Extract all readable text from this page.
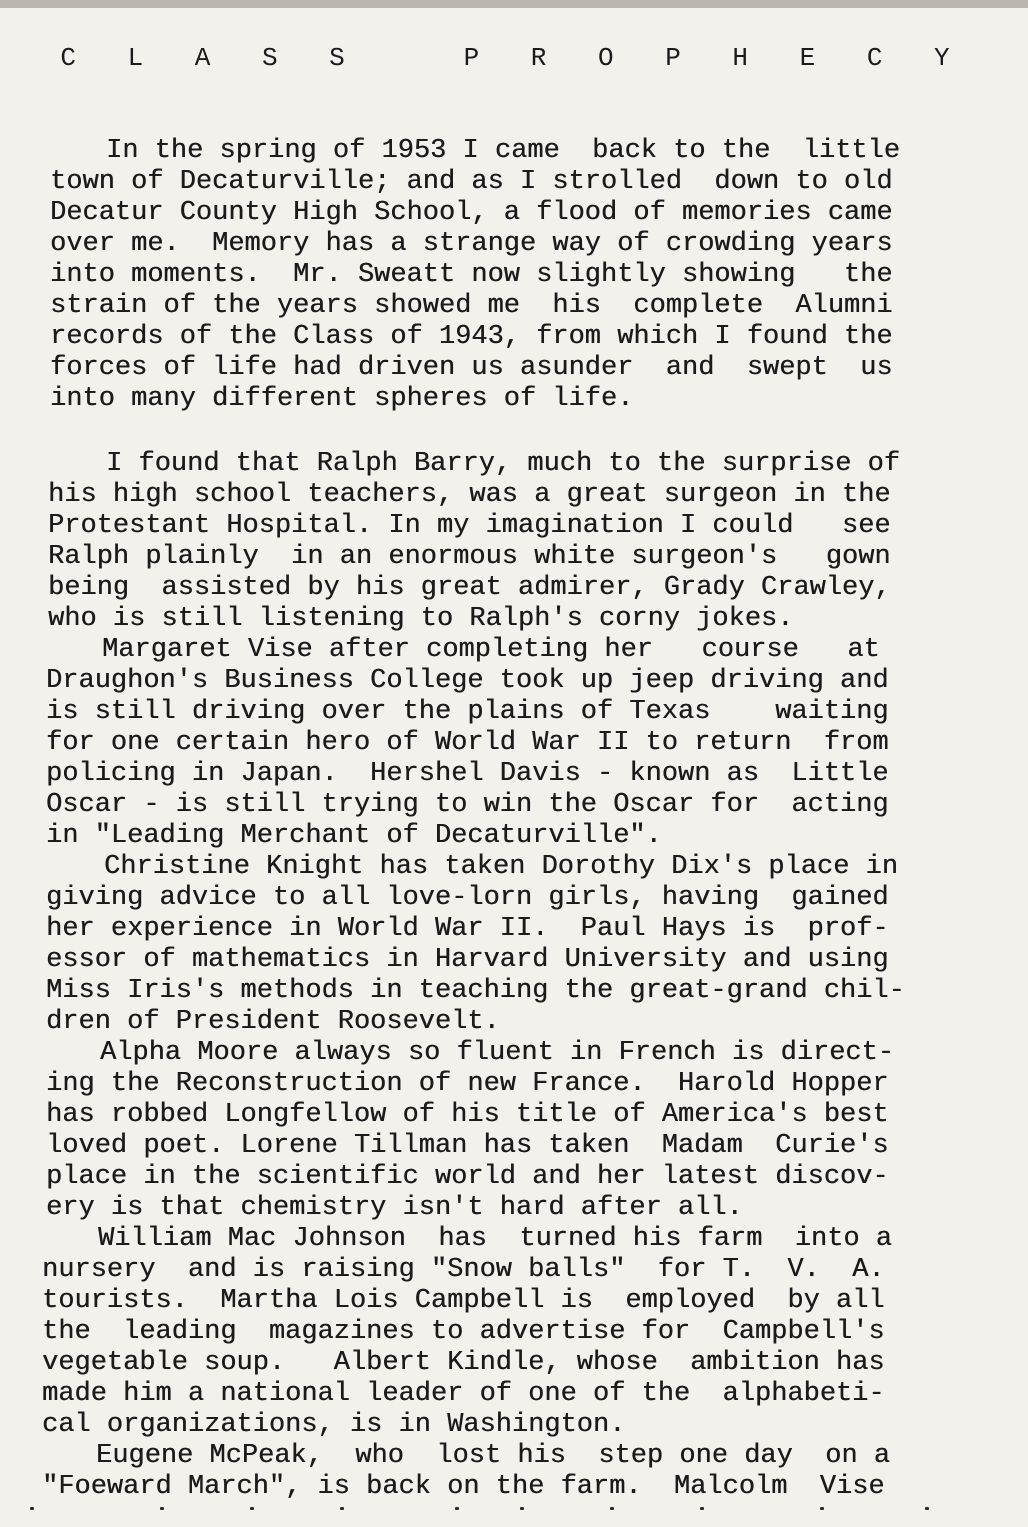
C L A S S   P R O P H E C Y
In the spring of 1953 I came  back to the  little
town of Decaturville; and as I strolled  down to old
Decatur County High School, a flood of memories came
over me.  Memory has a strange way of crowding years
into moments.  Mr. Sweatt now slightly showing   the
strain of the years showed me  his  complete  Alumni
records of the Class of 1943, from which I found the
forces of life had driven us asunder  and  swept  us
into many different spheres of life.
I found that Ralph Barry, much to the surprise of
his high school teachers, was a great surgeon in the
Protestant Hospital. In my imagination I could   see
Ralph plainly  in an enormous white surgeon's   gown
being  assisted by his great admirer, Grady Crawley,
who is still listening to Ralph's corny jokes.
Margaret Vise after completing her   course   at
Draughon's Business College took up jeep driving and
is still driving over the plains of Texas    waiting
for one certain hero of World War II to return  from
policing in Japan.  Hershel Davis - known as  Little
Oscar - is still trying to win the Oscar for  acting
in "Leading Merchant of Decaturville".
Christine Knight has taken Dorothy Dix's place in
giving advice to all love-lorn girls, having  gained
her experience in World War II.  Paul Hays is  prof-
essor of mathematics in Harvard University and using
Miss Iris's methods in teaching the great-grand chil-
dren of President Roosevelt.
Alpha Moore always so fluent in French is direct-
ing the Reconstruction of new France.  Harold Hopper
has robbed Longfellow of his title of America's best
loved poet. Lorene Tillman has taken  Madam  Curie's
place in the scientific world and her latest discov-
ery is that chemistry isn't hard after all.
William Mac Johnson  has  turned his farm  into a
nursery  and is raising "Snow balls"  for T.  V.  A.
tourists.  Martha Lois Campbell is  employed  by all
the  leading  magazines to advertise for  Campbell's
vegetable soup.   Albert Kindle, whose  ambition has
made him a national leader of one of the  alphabeti-
cal organizations, is in Washington.
Eugene McPeak,  who  lost his  step one day  on a
"Foeward March", is back on the farm.  Malcolm  Vise
